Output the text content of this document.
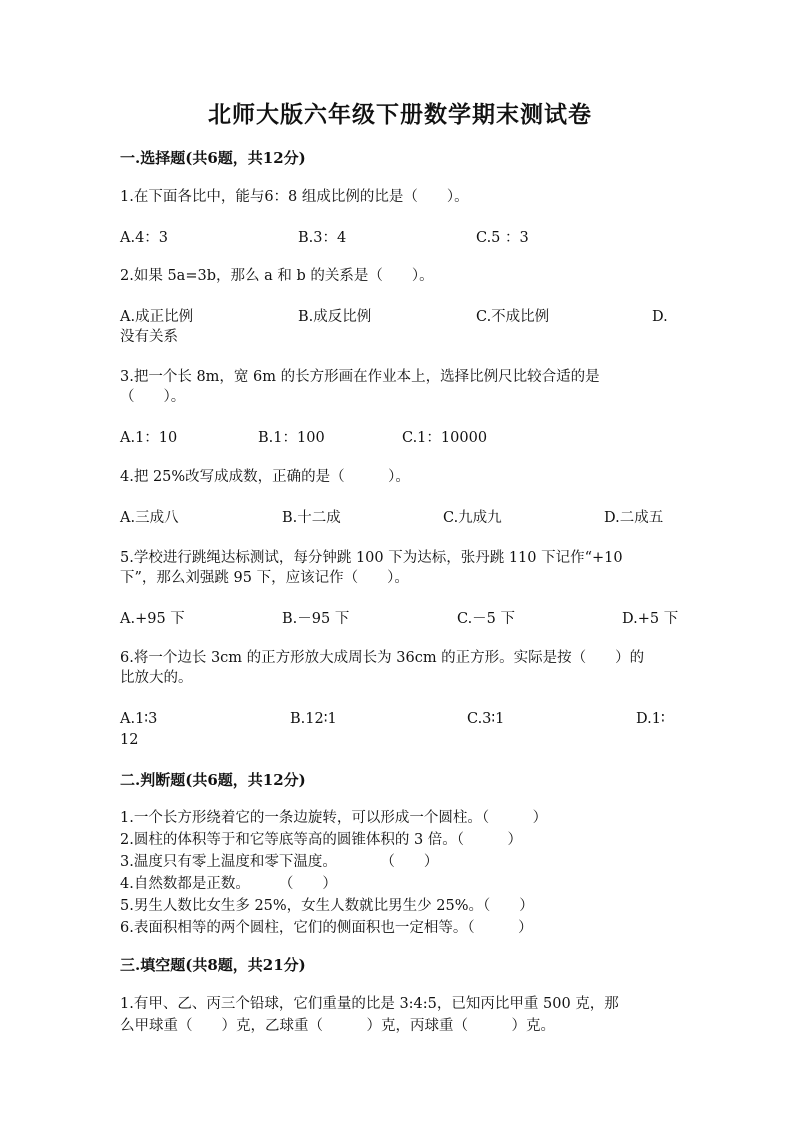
北师大版六年级下册数学期末测试卷
一.选择题(共6题，共12分)
1.在下面各比中，能与6：8 组成比例的比是（　　）。
A.4：3	B.3：4	C.5 ：3
2.如果 5a=3b，那么 a 和 b 的关系是（　　）。
A.成正比例	B.成反比例	C.不成比例	D.
没有关系
3.把一个长 8m，宽 6m 的长方形画在作业本上，选择比例尺比较合适的是
（　　）。
A.1：10	B.1：100	C.1：10000
4.把 25%改写成成数，正确的是（　　　）。
A.三成八	B.十二成	C.九成九	D.二成五
5.学校进行跳绳达标测试，每分钟跳 100 下为达标，张丹跳 110 下记作“+10
下”，那么刘强跳 95 下，应该记作（　　）。
A.+95 下	B.－95 下	C.－5 下	D.+5 下
6.将一个边长 3cm 的正方形放大成周长为 36cm 的正方形。实际是按（　　）的
比放大的。
A.1∶3	B.12∶1	C.3∶1	D.1∶
12
二.判断题(共6题，共12分)
1.一个长方形绕着它的一条边旋转，可以形成一个圆柱。（　　　）
2.圆柱的体积等于和它等底等高的圆锥体积的 3 倍。（　　　）
3.温度只有零上温度和零下温度。　　　　（　　）
4.自然数都是正数。　　　（　　）
5.男生人数比女生多 25%，女生人数就比男生少 25%。（　　）
6.表面积相等的两个圆柱，它们的侧面积也一定相等。（　　　）
三.填空题(共8题，共21分)
1.有甲、乙、丙三个铅球，它们重量的比是 3:4:5，已知丙比甲重 500 克，那
么甲球重（　　）克，乙球重（　　　）克，丙球重（　　　）克。
